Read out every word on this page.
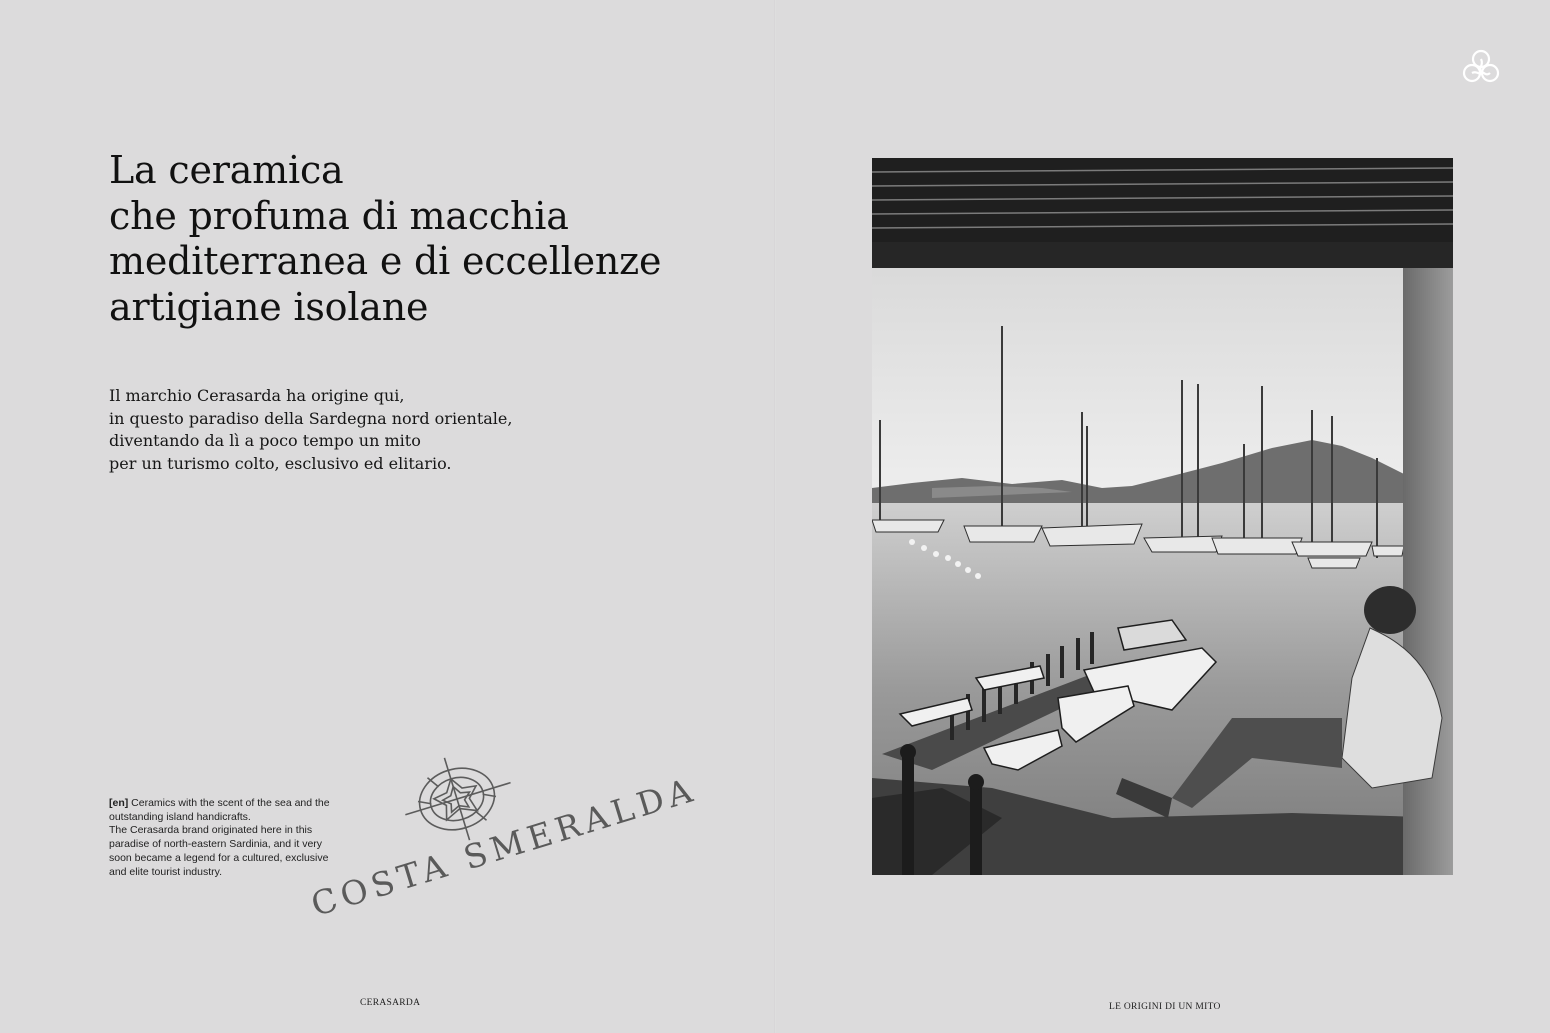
La ceramica
che profuma di macchia
mediterranea e di eccellenze
artigiane isolane

Il marchio Cerasarda ha origine qui,
in questo paradiso della Sardegna nord orientale,
diventando da lì a poco tempo un mito
per un turismo colto, esclusivo ed elitario.

[en] Ceramics with the scent of the sea and the
outstanding island handicrafts.
The Cerasarda brand originated here in this
paradise of north-eastern Sardinia, and it very
soon became a legend for a cultured, exclusive
and elite tourist industry.	COSTA SMERALDA
CERASARDA	LE ORIGINI DI UN MITO
